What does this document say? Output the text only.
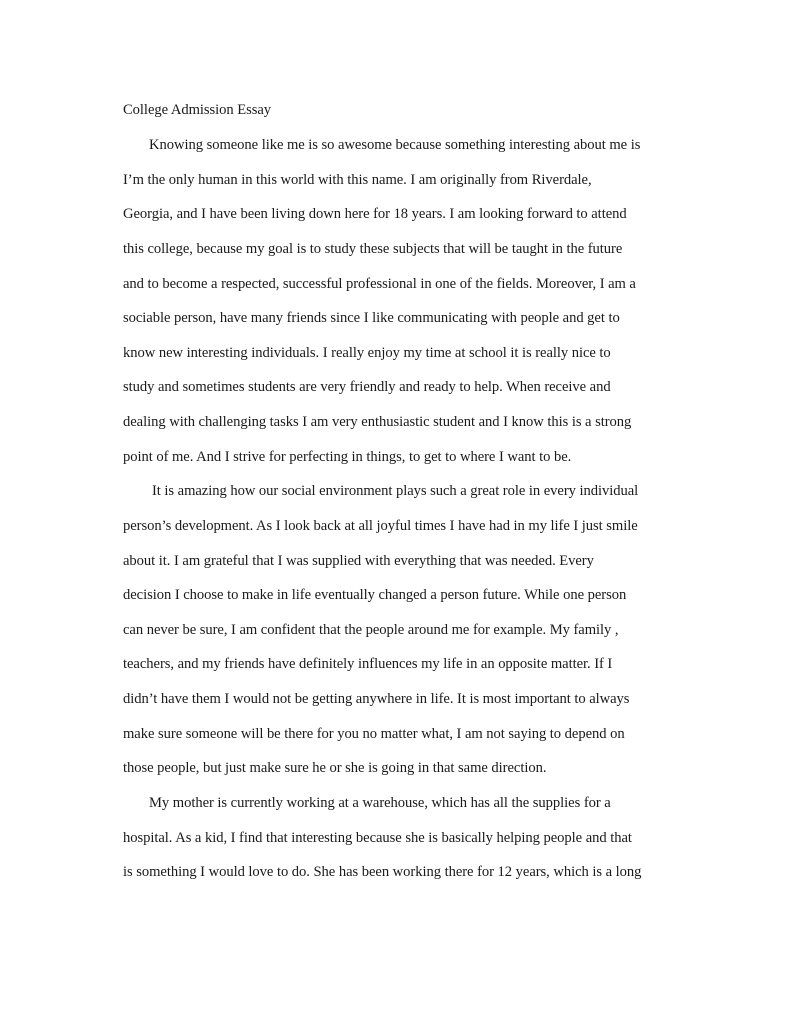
College Admission Essay
Knowing someone like me is so awesome because something interesting about me is
I’m the only human in this world with this name. I am originally from Riverdale,
Georgia, and I have been living down here for 18 years. I am looking forward to attend
this college, because my goal is to study these subjects that will be taught in the future
and to become a respected, successful professional in one of the fields. Moreover, I am a
sociable person, have many friends since I like communicating with people and get to
know new interesting individuals. I really enjoy my time at school it is really nice to
study and sometimes students are very friendly and ready to help. When receive and
dealing with challenging tasks I am very enthusiastic student and I know this is a strong
point of me. And I strive for perfecting in things, to get to where I want to be.
It is amazing how our social environment plays such a great role in every individual
person’s development. As I look back at all joyful times I have had in my life I just smile
about it. I am grateful that I was supplied with everything that was needed. Every
decision I choose to make in life eventually changed a person future. While one person
can never be sure, I am confident that the people around me for example. My family ,
teachers, and my friends have definitely influences my life in an opposite matter. If I
didn’t have them I would not be getting anywhere in life. It is most important to always
make sure someone will be there for you no matter what, I am not saying to depend on
those people, but just make sure he or she is going in that same direction.
My mother is currently working at a warehouse, which has all the supplies for a
hospital. As a kid, I find that interesting because she is basically helping people and that
is something I would love to do. She has been working there for 12 years, which is a long
